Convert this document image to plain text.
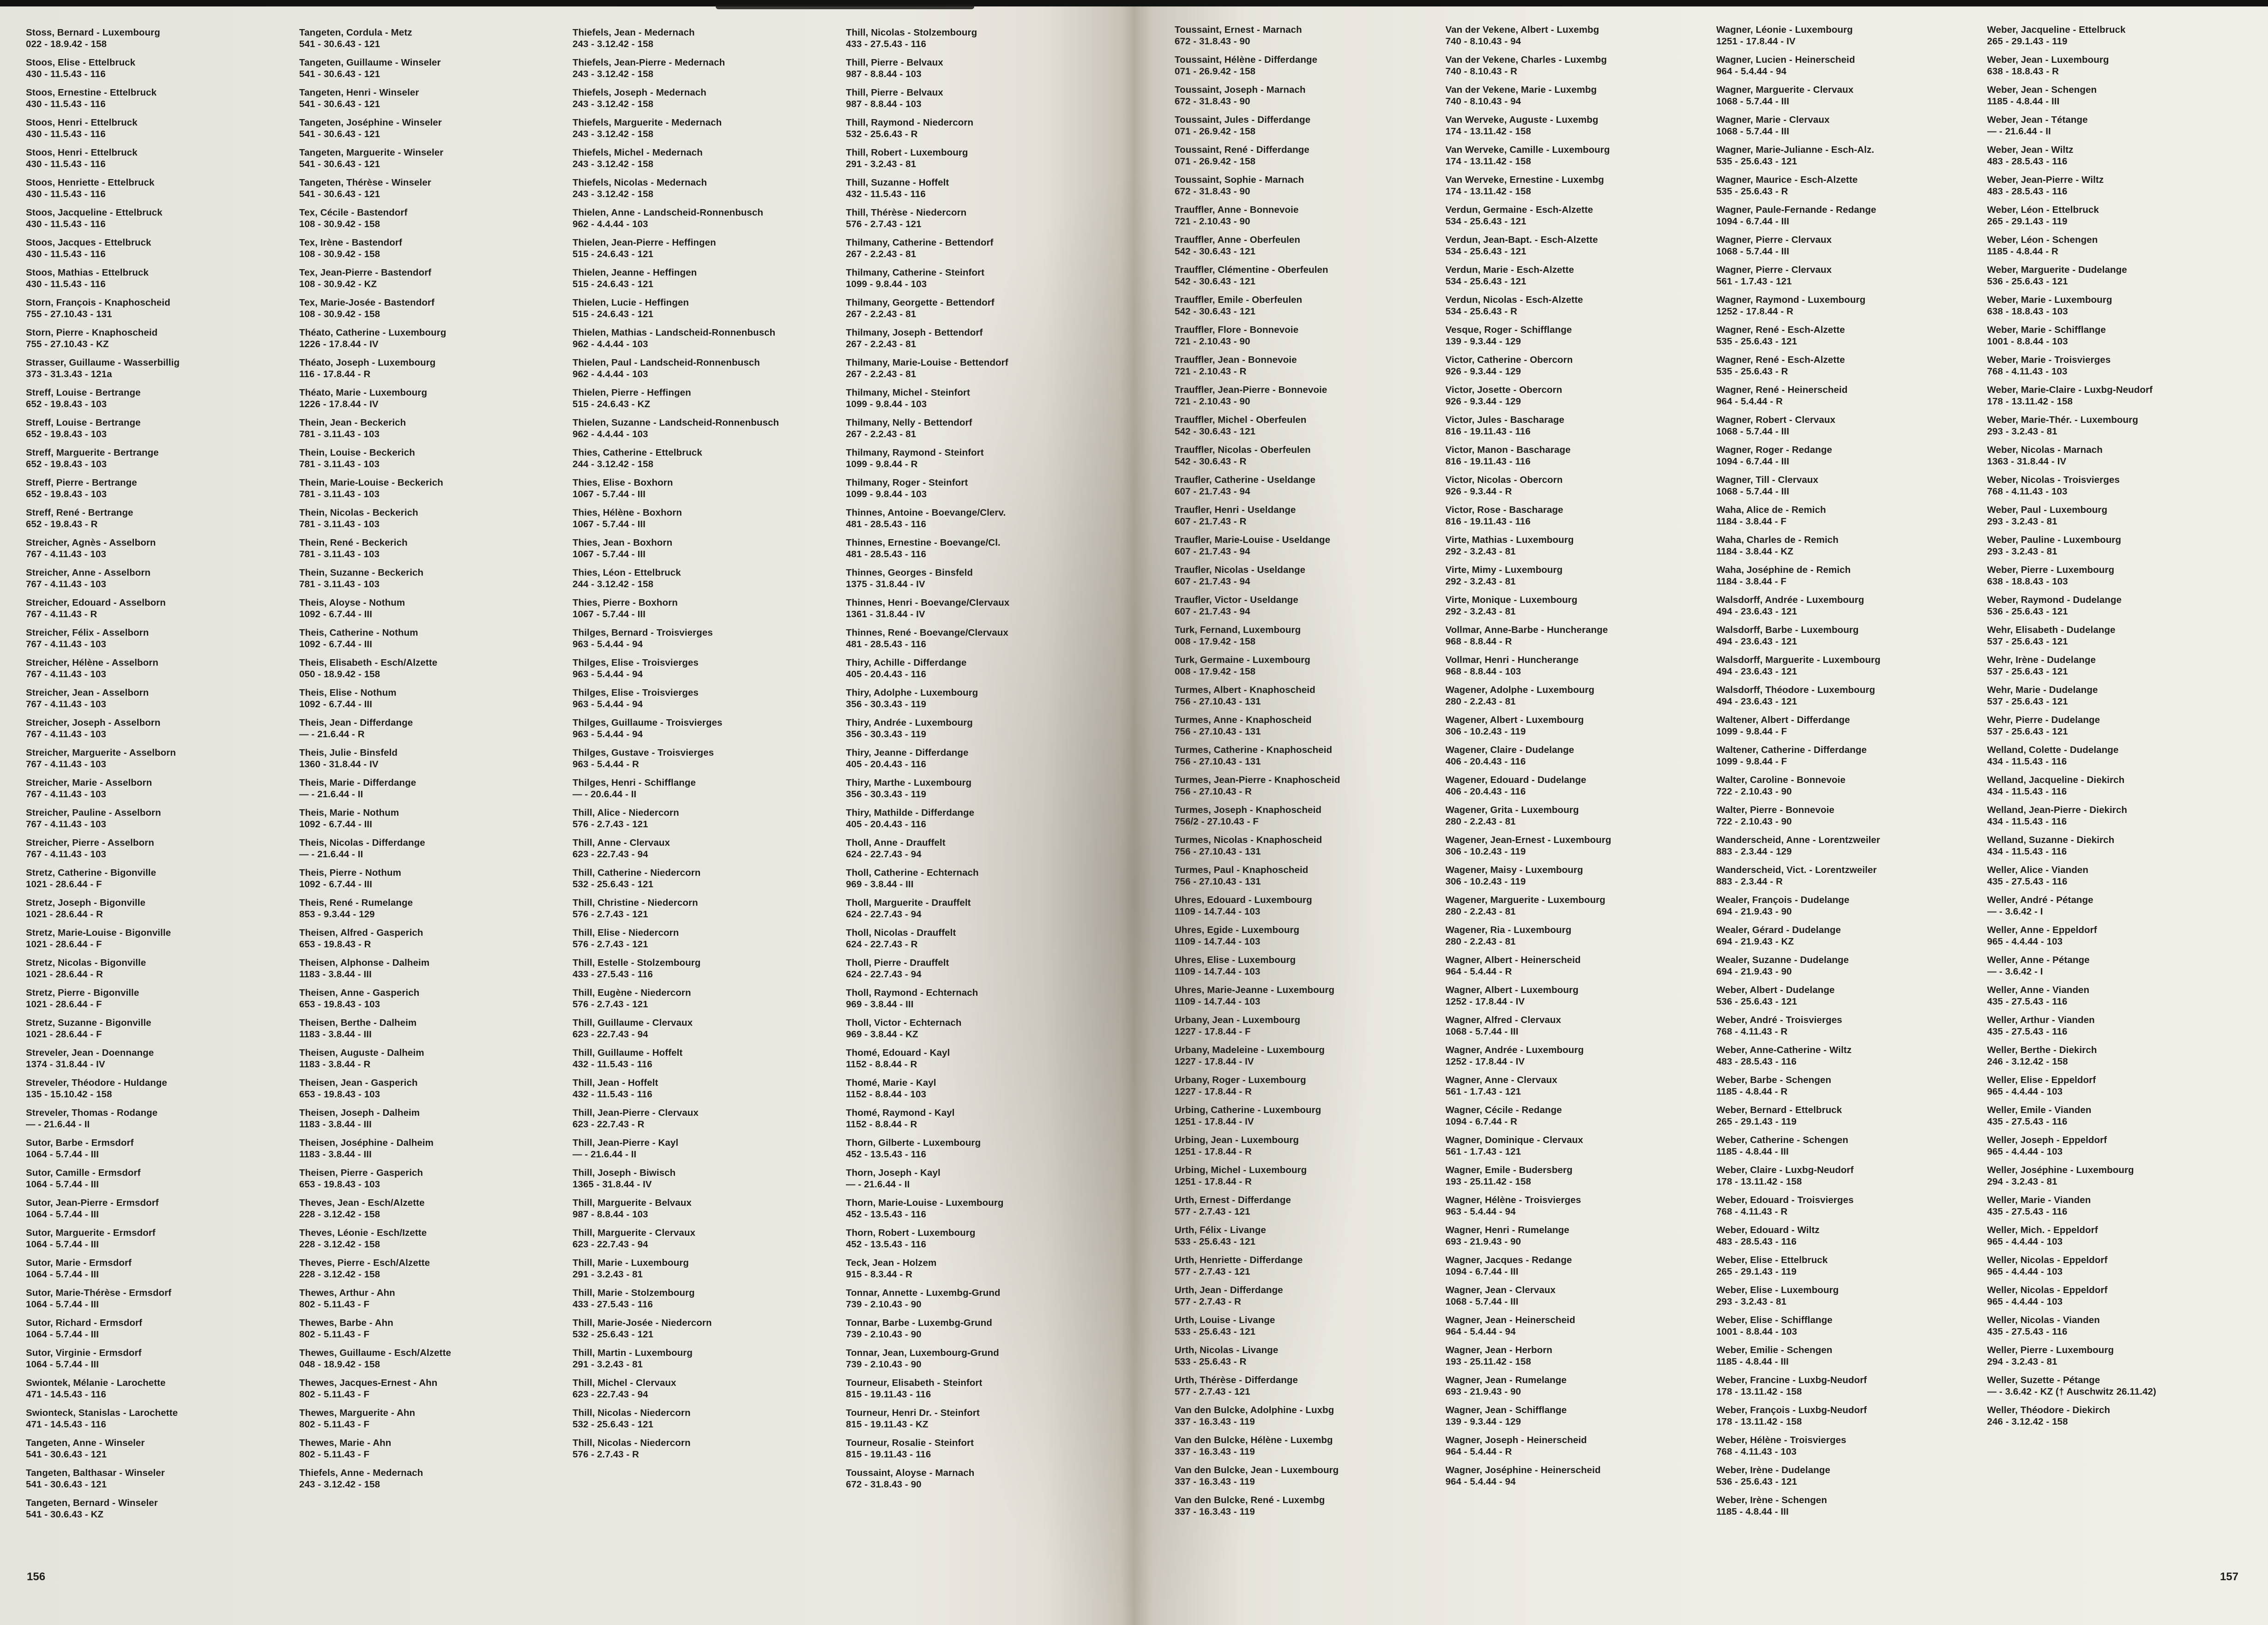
Stoss, Bernard - Luxembourg
022 - 18.9.42 - 158
Stoos, Elise - Ettelbruck
430 - 11.5.43 - 116
Stoos, Ernestine - Ettelbruck
430 - 11.5.43 - 116
Stoos, Henri - Ettelbruck
430 - 11.5.43 - 116
Stoos, Henri - Ettelbruck
430 - 11.5.43 - 116
Stoos, Henriette - Ettelbruck
430 - 11.5.43 - 116
Stoos, Jacqueline - Ettelbruck
430 - 11.5.43 - 116
Stoos, Jacques - Ettelbruck
430 - 11.5.43 - 116
Stoos, Mathias - Ettelbruck
430 - 11.5.43 - 116
Storn, François - Knaphoscheid
755 - 27.10.43 - 131
Storn, Pierre - Knaphoscheid
755 - 27.10.43 - KZ
Strasser, Guillaume - Wasserbillig
373 - 31.3.43 - 121a
Streff, Louise - Bertrange
652 - 19.8.43 - 103
Streff, Louise - Bertrange
652 - 19.8.43 - 103
Streff, Marguerite - Bertrange
652 - 19.8.43 - 103
Streff, Pierre - Bertrange
652 - 19.8.43 - 103
Streff, René - Bertrange
652 - 19.8.43 - R
Streicher, Agnès - Asselborn
767 - 4.11.43 - 103
Streicher, Anne - Asselborn
767 - 4.11.43 - 103
Streicher, Edouard - Asselborn
767 - 4.11.43 - R
Streicher, Félix - Asselborn
767 - 4.11.43 - 103
Streicher, Hélène - Asselborn
767 - 4.11.43 - 103
Streicher, Jean - Asselborn
767 - 4.11.43 - 103
Streicher, Joseph - Asselborn
767 - 4.11.43 - 103
Streicher, Marguerite - Asselborn
767 - 4.11.43 - 103
Streicher, Marie - Asselborn
767 - 4.11.43 - 103
Streicher, Pauline - Asselborn
767 - 4.11.43 - 103
Streicher, Pierre - Asselborn
767 - 4.11.43 - 103
Stretz, Catherine - Bigonville
1021 - 28.6.44 - F
Stretz, Joseph - Bigonville
1021 - 28.6.44 - R
Stretz, Marie-Louise - Bigonville
1021 - 28.6.44 - F
Stretz, Nicolas - Bigonville
1021 - 28.6.44 - R
Stretz, Pierre - Bigonville
1021 - 28.6.44 - F
Stretz, Suzanne - Bigonville
1021 - 28.6.44 - F
Streveler, Jean - Doennange
1374 - 31.8.44 - IV
Streveler, Théodore - Huldange
135 - 15.10.42 - 158
Streveler, Thomas - Rodange
— - 21.6.44 - II
Sutor, Barbe - Ermsdorf
1064 - 5.7.44 - III
Sutor, Camille - Ermsdorf
1064 - 5.7.44 - III
Sutor, Jean-Pierre - Ermsdorf
1064 - 5.7.44 - III
Sutor, Marguerite - Ermsdorf
1064 - 5.7.44 - III
Sutor, Marie - Ermsdorf
1064 - 5.7.44 - III
Sutor, Marie-Thérèse - Ermsdorf
1064 - 5.7.44 - III
Sutor, Richard - Ermsdorf
1064 - 5.7.44 - III
Sutor, Virginie - Ermsdorf
1064 - 5.7.44 - III
Swiontek, Mélanie - Larochette
471 - 14.5.43 - 116
Swionteck, Stanislas - Larochette
471 - 14.5.43 - 116
Tangeten, Anne - Winseler
541 - 30.6.43 - 121
Tangeten, Balthasar - Winseler
541 - 30.6.43 - 121
Tangeten, Bernard - Winseler
541 - 30.6.43 - KZ
Tangeten, Cordula - Metz
541 - 30.6.43 - 121
Tangeten, Guillaume - Winseler
541 - 30.6.43 - 121
Tangeten, Henri - Winseler
541 - 30.6.43 - 121
Tangeten, Joséphine - Winseler
541 - 30.6.43 - 121
Tangeten, Marguerite - Winseler
541 - 30.6.43 - 121
Tangeten, Thérèse - Winseler
541 - 30.6.43 - 121
Tex, Cécile - Bastendorf
108 - 30.9.42 - 158
Tex, Irène - Bastendorf
108 - 30.9.42 - 158
Tex, Jean-Pierre - Bastendorf
108 - 30.9.42 - KZ
Tex, Marie-Josée - Bastendorf
108 - 30.9.42 - 158
Théato, Catherine - Luxembourg
1226 - 17.8.44 - IV
Théato, Joseph - Luxembourg
116 - 17.8.44 - R
Théato, Marie - Luxembourg
1226 - 17.8.44 - IV
Thein, Jean - Beckerich
781 - 3.11.43 - 103
Thein, Louise - Beckerich
781 - 3.11.43 - 103
Thein, Marie-Louise - Beckerich
781 - 3.11.43 - 103
Thein, Nicolas - Beckerich
781 - 3.11.43 - 103
Thein, René - Beckerich
781 - 3.11.43 - 103
Thein, Suzanne - Beckerich
781 - 3.11.43 - 103
Theis, Aloyse - Nothum
1092 - 6.7.44 - III
Theis, Catherine - Nothum
1092 - 6.7.44 - III
Theis, Elisabeth - Esch/Alzette
050 - 18.9.42 - 158
Theis, Elise - Nothum
1092 - 6.7.44 - III
Theis, Jean - Differdange
— - 21.6.44 - R
Theis, Julie - Binsfeld
1360 - 31.8.44 - IV
Theis, Marie - Differdange
— - 21.6.44 - II
Theis, Marie - Nothum
1092 - 6.7.44 - III
Theis, Nicolas - Differdange
— - 21.6.44 - II
Theis, Pierre - Nothum
1092 - 6.7.44 - III
Theis, René - Rumelange
853 - 9.3.44 - 129
Theisen, Alfred - Gasperich
653 - 19.8.43 - R
Theisen, Alphonse - Dalheim
1183 - 3.8.44 - III
Theisen, Anne - Gasperich
653 - 19.8.43 - 103
Theisen, Berthe - Dalheim
1183 - 3.8.44 - III
Theisen, Auguste - Dalheim
1183 - 3.8.44 - R
Theisen, Jean - Gasperich
653 - 19.8.43 - 103
Theisen, Joseph - Dalheim
1183 - 3.8.44 - III
Theisen, Joséphine - Dalheim
1183 - 3.8.44 - III
Theisen, Pierre - Gasperich
653 - 19.8.43 - 103
Theves, Jean - Esch/Alzette
228 - 3.12.42 - 158
Theves, Léonie - Esch/Izette
228 - 3.12.42 - 158
Theves, Pierre - Esch/Alzette
228 - 3.12.42 - 158
Thewes, Arthur - Ahn
802 - 5.11.43 - F
Thewes, Barbe - Ahn
802 - 5.11.43 - F
Thewes, Guillaume - Esch/Alzette
048 - 18.9.42 - 158
Thewes, Jacques-Ernest - Ahn
802 - 5.11.43 - F
Thewes, Marguerite - Ahn
802 - 5.11.43 - F
Thewes, Marie - Ahn
802 - 5.11.43 - F
Thiefels, Anne - Medernach
243 - 3.12.42 - 158
Thiefels, Jean - Medernach
243 - 3.12.42 - 158
Thiefels, Jean-Pierre - Medernach
243 - 3.12.42 - 158
Thiefels, Joseph - Medernach
243 - 3.12.42 - 158
Thiefels, Marguerite - Medernach
243 - 3.12.42 - 158
Thiefels, Michel - Medernach
243 - 3.12.42 - 158
Thiefels, Nicolas - Medernach
243 - 3.12.42 - 158
Thielen, Anne - Landscheid-Ronnenbusch
962 - 4.4.44 - 103
Thielen, Jean-Pierre - Heffingen
515 - 24.6.43 - 121
Thielen, Jeanne - Heffingen
515 - 24.6.43 - 121
Thielen, Lucie - Heffingen
515 - 24.6.43 - 121
Thielen, Mathias - Landscheid-Ronnenbusch
962 - 4.4.44 - 103
Thielen, Paul - Landscheid-Ronnenbusch
962 - 4.4.44 - 103
Thielen, Pierre - Heffingen
515 - 24.6.43 - KZ
Thielen, Suzanne - Landscheid-Ronnenbusch
962 - 4.4.44 - 103
Thies, Catherine - Ettelbruck
244 - 3.12.42 - 158
Thies, Elise - Boxhorn
1067 - 5.7.44 - III
Thies, Hélène - Boxhorn
1067 - 5.7.44 - III
Thies, Jean - Boxhorn
1067 - 5.7.44 - III
Thies, Léon - Ettelbruck
244 - 3.12.42 - 158
Thies, Pierre - Boxhorn
1067 - 5.7.44 - III
Thilges, Bernard - Troisvierges
963 - 5.4.44 - 94
Thilges, Elise - Troisvierges
963 - 5.4.44 - 94
Thilges, Elise - Troisvierges
963 - 5.4.44 - 94
Thilges, Guillaume - Troisvierges
963 - 5.4.44 - 94
Thilges, Gustave - Troisvierges
963 - 5.4.44 - R
Thilges, Henri - Schifflange
— - 20.6.44 - II
Thill, Alice - Niedercorn
576 - 2.7.43 - 121
Thill, Anne - Clervaux
623 - 22.7.43 - 94
Thill, Catherine - Niedercorn
532 - 25.6.43 - 121
Thill, Christine - Niedercorn
576 - 2.7.43 - 121
Thill, Elise - Niedercorn
576 - 2.7.43 - 121
Thill, Estelle - Stolzembourg
433 - 27.5.43 - 116
Thill, Eugène - Niedercorn
576 - 2.7.43 - 121
Thill, Guillaume - Clervaux
623 - 22.7.43 - 94
Thill, Guillaume - Hoffelt
432 - 11.5.43 - 116
Thill, Jean - Hoffelt
432 - 11.5.43 - 116
Thill, Jean-Pierre - Clervaux
623 - 22.7.43 - R
Thill, Jean-Pierre - Kayl
— - 21.6.44 - II
Thill, Joseph - Biwisch
1365 - 31.8.44 - IV
Thill, Marguerite - Belvaux
987 - 8.8.44 - 103
Thill, Marguerite - Clervaux
623 - 22.7.43 - 94
Thill, Marie - Luxembourg
291 - 3.2.43 - 81
Thill, Marie - Stolzembourg
433 - 27.5.43 - 116
Thill, Marie-Josée - Niedercorn
532 - 25.6.43 - 121
Thill, Martin - Luxembourg
291 - 3.2.43 - 81
Thill, Michel - Clervaux
623 - 22.7.43 - 94
Thill, Nicolas - Niedercorn
532 - 25.6.43 - 121
Thill, Nicolas - Niedercorn
576 - 2.7.43 - R
Thill, Nicolas - Stolzembourg
433 - 27.5.43 - 116
Thill, Pierre - Belvaux
987 - 8.8.44 - 103
Thill, Pierre - Belvaux
987 - 8.8.44 - 103
Thill, Raymond - Niedercorn
532 - 25.6.43 - R
Thill, Robert - Luxembourg
291 - 3.2.43 - 81
Thill, Suzanne - Hoffelt
432 - 11.5.43 - 116
Thill, Thérèse - Niedercorn
576 - 2.7.43 - 121
Thilmany, Catherine - Bettendorf
267 - 2.2.43 - 81
Thilmany, Catherine - Steinfort
1099 - 9.8.44 - 103
Thilmany, Georgette - Bettendorf
267 - 2.2.43 - 81
Thilmany, Joseph - Bettendorf
267 - 2.2.43 - 81
Thilmany, Marie-Louise - Bettendorf
267 - 2.2.43 - 81
Thilmany, Michel - Steinfort
1099 - 9.8.44 - 103
Thilmany, Nelly - Bettendorf
267 - 2.2.43 - 81
Thilmany, Raymond - Steinfort
1099 - 9.8.44 - R
Thilmany, Roger - Steinfort
1099 - 9.8.44 - 103
Thinnes, Antoine - Boevange/Clerv.
481 - 28.5.43 - 116
Thinnes, Ernestine - Boevange/Cl.
481 - 28.5.43 - 116
Thinnes, Georges - Binsfeld
1375 - 31.8.44 - IV
Thinnes, Henri - Boevange/Clervaux
1361 - 31.8.44 - IV
Thinnes, René - Boevange/Clervaux
481 - 28.5.43 - 116
Thiry, Achille - Differdange
405 - 20.4.43 - 116
Thiry, Adolphe - Luxembourg
356 - 30.3.43 - 119
Thiry, Andrée - Luxembourg
356 - 30.3.43 - 119
Thiry, Jeanne - Differdange
405 - 20.4.43 - 116
Thiry, Marthe - Luxembourg
356 - 30.3.43 - 119
Thiry, Mathilde - Differdange
405 - 20.4.43 - 116
Tholl, Anne - Drauffelt
624 - 22.7.43 - 94
Tholl, Catherine - Echternach
969 - 3.8.44 - III
Tholl, Marguerite - Drauffelt
624 - 22.7.43 - 94
Tholl, Nicolas - Drauffelt
624 - 22.7.43 - R
Tholl, Pierre - Drauffelt
624 - 22.7.43 - 94
Tholl, Raymond - Echternach
969 - 3.8.44 - III
Tholl, Victor - Echternach
969 - 3.8.44 - KZ
Thomé, Edouard - Kayl
1152 - 8.8.44 - R
Thomé, Marie - Kayl
1152 - 8.8.44 - 103
Thomé, Raymond - Kayl
1152 - 8.8.44 - R
Thorn, Gilberte - Luxembourg
452 - 13.5.43 - 116
Thorn, Joseph - Kayl
— - 21.6.44 - II
Thorn, Marie-Louise - Luxembourg
452 - 13.5.43 - 116
Thorn, Robert - Luxembourg
452 - 13.5.43 - 116
Teck, Jean - Holzem
915 - 8.3.44 - R
Tonnar, Annette - Luxembg-Grund
739 - 2.10.43 - 90
Tonnar, Barbe - Luxembg-Grund
739 - 2.10.43 - 90
Tonnar, Jean, Luxembourg-Grund
739 - 2.10.43 - 90
Tourneur, Elisabeth - Steinfort
815 - 19.11.43 - 116
Tourneur, Henri Dr. - Steinfort
815 - 19.11.43 - KZ
Tourneur, Rosalie - Steinfort
815 - 19.11.43 - 116
Toussaint, Aloyse - Marnach
672 - 31.8.43 - 90
156
Toussaint, Ernest - Marnach
672 - 31.8.43 - 90
Toussaint, Hélène - Differdange
071 - 26.9.42 - 158
Toussaint, Joseph - Marnach
672 - 31.8.43 - 90
Toussaint, Jules - Differdange
071 - 26.9.42 - 158
Toussaint, René - Differdange
071 - 26.9.42 - 158
Toussaint, Sophie - Marnach
672 - 31.8.43 - 90
Trauffler, Anne - Bonnevoie
721 - 2.10.43 - 90
Trauffler, Anne - Oberfeulen
542 - 30.6.43 - 121
Trauffler, Clémentine - Oberfeulen
542 - 30.6.43 - 121
Trauffler, Emile - Oberfeulen
542 - 30.6.43 - 121
Trauffler, Flore - Bonnevoie
721 - 2.10.43 - 90
Trauffler, Jean - Bonnevoie
721 - 2.10.43 - R
Trauffler, Jean-Pierre - Bonnevoie
721 - 2.10.43 - 90
Trauffler, Michel - Oberfeulen
542 - 30.6.43 - 121
Trauffler, Nicolas - Oberfeulen
542 - 30.6.43 - R
Traufler, Catherine - Useldange
607 - 21.7.43 - 94
Traufler, Henri - Useldange
607 - 21.7.43 - R
Traufler, Marie-Louise - Useldange
607 - 21.7.43 - 94
Traufler, Nicolas - Useldange
607 - 21.7.43 - 94
Traufler, Victor - Useldange
607 - 21.7.43 - 94
Turk, Fernand, Luxembourg
008 - 17.9.42 - 158
Turk, Germaine - Luxembourg
008 - 17.9.42 - 158
Turmes, Albert - Knaphoscheid
756 - 27.10.43 - 131
Turmes, Anne - Knaphoscheid
756 - 27.10.43 - 131
Turmes, Catherine - Knaphoscheid
756 - 27.10.43 - 131
Turmes, Jean-Pierre - Knaphoscheid
756 - 27.10.43 - R
Turmes, Joseph - Knaphoscheid
756/2 - 27.10.43 - F
Turmes, Nicolas - Knaphoscheid
756 - 27.10.43 - 131
Turmes, Paul - Knaphoscheid
756 - 27.10.43 - 131
Uhres, Edouard - Luxembourg
1109 - 14.7.44 - 103
Uhres, Egide - Luxembourg
1109 - 14.7.44 - 103
Uhres, Elise - Luxembourg
1109 - 14.7.44 - 103
Uhres, Marie-Jeanne - Luxembourg
1109 - 14.7.44 - 103
Urbany, Jean - Luxembourg
1227 - 17.8.44 - F
Urbany, Madeleine - Luxembourg
1227 - 17.8.44 - IV
Urbany, Roger - Luxembourg
1227 - 17.8.44 - R
Urbing, Catherine - Luxembourg
1251 - 17.8.44 - IV
Urbing, Jean - Luxembourg
1251 - 17.8.44 - R
Urbing, Michel - Luxembourg
1251 - 17.8.44 - R
Urth, Ernest - Differdange
577 - 2.7.43 - 121
Urth, Félix - Livange
533 - 25.6.43 - 121
Urth, Henriette - Differdange
577 - 2.7.43 - 121
Urth, Jean - Differdange
577 - 2.7.43 - R
Urth, Louise - Livange
533 - 25.6.43 - 121
Urth, Nicolas - Livange
533 - 25.6.43 - R
Urth, Thérèse - Differdange
577 - 2.7.43 - 121
Van den Bulcke, Adolphine - Luxbg
337 - 16.3.43 - 119
Van den Bulcke, Hélène - Luxembg
337 - 16.3.43 - 119
Van den Bulcke, Jean - Luxembourg
337 - 16.3.43 - 119
Van den Bulcke, René - Luxembg
337 - 16.3.43 - 119
Van der Vekene, Albert - Luxembg
740 - 8.10.43 - 94
Van der Vekene, Charles - Luxembg
740 - 8.10.43 - R
Van der Vekene, Marie - Luxembg
740 - 8.10.43 - 94
Van Werveke, Auguste - Luxembg
174 - 13.11.42 - 158
Van Werveke, Camille - Luxembourg
174 - 13.11.42 - 158
Van Werveke, Ernestine - Luxembg
174 - 13.11.42 - 158
Verdun, Germaine - Esch-Alzette
534 - 25.6.43 - 121
Verdun, Jean-Bapt. - Esch-Alzette
534 - 25.6.43 - 121
Verdun, Marie - Esch-Alzette
534 - 25.6.43 - 121
Verdun, Nicolas - Esch-Alzette
534 - 25.6.43 - R
Vesque, Roger - Schifflange
139 - 9.3.44 - 129
Victor, Catherine - Obercorn
926 - 9.3.44 - 129
Victor, Josette - Obercorn
926 - 9.3.44 - 129
Victor, Jules - Bascharage
816 - 19.11.43 - 116
Victor, Manon - Bascharage
816 - 19.11.43 - 116
Victor, Nicolas - Obercorn
926 - 9.3.44 - R
Victor, Rose - Bascharage
816 - 19.11.43 - 116
Virte, Mathias - Luxembourg
292 - 3.2.43 - 81
Virte, Mimy - Luxembourg
292 - 3.2.43 - 81
Virte, Monique - Luxembourg
292 - 3.2.43 - 81
Vollmar, Anne-Barbe - Huncherange
968 - 8.8.44 - R
Vollmar, Henri - Huncherange
968 - 8.8.44 - 103
Wagener, Adolphe - Luxembourg
280 - 2.2.43 - 81
Wagener, Albert - Luxembourg
306 - 10.2.43 - 119
Wagener, Claire - Dudelange
406 - 20.4.43 - 116
Wagener, Edouard - Dudelange
406 - 20.4.43 - 116
Wagener, Grita - Luxembourg
280 - 2.2.43 - 81
Wagener, Jean-Ernest - Luxembourg
306 - 10.2.43 - 119
Wagener, Maisy - Luxembourg
306 - 10.2.43 - 119
Wagener, Marguerite - Luxembourg
280 - 2.2.43 - 81
Wagener, Ria - Luxembourg
280 - 2.2.43 - 81
Wagner, Albert - Heinerscheid
964 - 5.4.44 - R
Wagner, Albert - Luxembourg
1252 - 17.8.44 - IV
Wagner, Alfred - Clervaux
1068 - 5.7.44 - III
Wagner, Andrée - Luxembourg
1252 - 17.8.44 - IV
Wagner, Anne - Clervaux
561 - 1.7.43 - 121
Wagner, Cécile - Redange
1094 - 6.7.44 - R
Wagner, Dominique - Clervaux
561 - 1.7.43 - 121
Wagner, Emile - Budersberg
193 - 25.11.42 - 158
Wagner, Hélène - Troisvierges
963 - 5.4.44 - 94
Wagner, Henri - Rumelange
693 - 21.9.43 - 90
Wagner, Jacques - Redange
1094 - 6.7.44 - III
Wagner, Jean - Clervaux
1068 - 5.7.44 - III
Wagner, Jean - Heinerscheid
964 - 5.4.44 - 94
Wagner, Jean - Herborn
193 - 25.11.42 - 158
Wagner, Jean - Rumelange
693 - 21.9.43 - 90
Wagner, Jean - Schifflange
139 - 9.3.44 - 129
Wagner, Joseph - Heinerscheid
964 - 5.4.44 - R
Wagner, Joséphine - Heinerscheid
964 - 5.4.44 - 94
Wagner, Léonie - Luxembourg
1251 - 17.8.44 - IV
Wagner, Lucien - Heinerscheid
964 - 5.4.44 - 94
Wagner, Marguerite - Clervaux
1068 - 5.7.44 - III
Wagner, Marie - Clervaux
1068 - 5.7.44 - III
Wagner, Marie-Julianne - Esch-Alz.
535 - 25.6.43 - 121
Wagner, Maurice - Esch-Alzette
535 - 25.6.43 - R
Wagner, Paule-Fernande - Redange
1094 - 6.7.44 - III
Wagner, Pierre - Clervaux
1068 - 5.7.44 - III
Wagner, Pierre - Clervaux
561 - 1.7.43 - 121
Wagner, Raymond - Luxembourg
1252 - 17.8.44 - R
Wagner, René - Esch-Alzette
535 - 25.6.43 - 121
Wagner, René - Esch-Alzette
535 - 25.6.43 - R
Wagner, René - Heinerscheid
964 - 5.4.44 - R
Wagner, Robert - Clervaux
1068 - 5.7.44 - III
Wagner, Roger - Redange
1094 - 6.7.44 - III
Wagner, Till - Clervaux
1068 - 5.7.44 - III
Waha, Alice de - Remich
1184 - 3.8.44 - F
Waha, Charles de - Remich
1184 - 3.8.44 - KZ
Waha, Joséphine de - Remich
1184 - 3.8.44 - F
Walsdorff, Andrée - Luxembourg
494 - 23.6.43 - 121
Walsdorff, Barbe - Luxembourg
494 - 23.6.43 - 121
Walsdorff, Marguerite - Luxembourg
494 - 23.6.43 - 121
Walsdorff, Théodore - Luxembourg
494 - 23.6.43 - 121
Waltener, Albert - Differdange
1099 - 9.8.44 - F
Waltener, Catherine - Differdange
1099 - 9.8.44 - F
Walter, Caroline - Bonnevoie
722 - 2.10.43 - 90
Walter, Pierre - Bonnevoie
722 - 2.10.43 - 90
Wanderscheid, Anne - Lorentzweiler
883 - 2.3.44 - 129
Wanderscheid, Vict. - Lorentzweiler
883 - 2.3.44 - R
Wealer, François - Dudelange
694 - 21.9.43 - 90
Wealer, Gérard - Dudelange
694 - 21.9.43 - KZ
Wealer, Suzanne - Dudelange
694 - 21.9.43 - 90
Weber, Albert - Dudelange
536 - 25.6.43 - 121
Weber, André - Troisvierges
768 - 4.11.43 - R
Weber, Anne-Catherine - Wiltz
483 - 28.5.43 - 116
Weber, Barbe - Schengen
1185 - 4.8.44 - R
Weber, Bernard - Ettelbruck
265 - 29.1.43 - 119
Weber, Catherine - Schengen
1185 - 4.8.44 - III
Weber, Claire - Luxbg-Neudorf
178 - 13.11.42 - 158
Weber, Edouard - Troisvierges
768 - 4.11.43 - R
Weber, Edouard - Wiltz
483 - 28.5.43 - 116
Weber, Elise - Ettelbruck
265 - 29.1.43 - 119
Weber, Elise - Luxembourg
293 - 3.2.43 - 81
Weber, Elise - Schifflange
1001 - 8.8.44 - 103
Weber, Emilie - Schengen
1185 - 4.8.44 - III
Weber, Francine - Luxbg-Neudorf
178 - 13.11.42 - 158
Weber, François - Luxbg-Neudorf
178 - 13.11.42 - 158
Weber, Hélène - Troisvierges
768 - 4.11.43 - 103
Weber, Irène - Dudelange
536 - 25.6.43 - 121
Weber, Irène - Schengen
1185 - 4.8.44 - III
Weber, Jacqueline - Ettelbruck
265 - 29.1.43 - 119
Weber, Jean - Luxembourg
638 - 18.8.43 - R
Weber, Jean - Schengen
1185 - 4.8.44 - III
Weber, Jean - Tétange
— - 21.6.44 - II
Weber, Jean - Wiltz
483 - 28.5.43 - 116
Weber, Jean-Pierre - Wiltz
483 - 28.5.43 - 116
Weber, Léon - Ettelbruck
265 - 29.1.43 - 119
Weber, Léon - Schengen
1185 - 4.8.44 - R
Weber, Marguerite - Dudelange
536 - 25.6.43 - 121
Weber, Marie - Luxembourg
638 - 18.8.43 - 103
Weber, Marie - Schifflange
1001 - 8.8.44 - 103
Weber, Marie - Troisvierges
768 - 4.11.43 - 103
Weber, Marie-Claire - Luxbg-Neudorf
178 - 13.11.42 - 158
Weber, Marie-Thér. - Luxembourg
293 - 3.2.43 - 81
Weber, Nicolas - Marnach
1363 - 31.8.44 - IV
Weber, Nicolas - Troisvierges
768 - 4.11.43 - 103
Weber, Paul - Luxembourg
293 - 3.2.43 - 81
Weber, Pauline - Luxembourg
293 - 3.2.43 - 81
Weber, Pierre - Luxembourg
638 - 18.8.43 - 103
Weber, Raymond - Dudelange
536 - 25.6.43 - 121
Wehr, Elisabeth - Dudelange
537 - 25.6.43 - 121
Wehr, Irène - Dudelange
537 - 25.6.43 - 121
Wehr, Marie - Dudelange
537 - 25.6.43 - 121
Wehr, Pierre - Dudelange
537 - 25.6.43 - 121
Welland, Colette - Dudelange
434 - 11.5.43 - 116
Welland, Jacqueline - Diekirch
434 - 11.5.43 - 116
Welland, Jean-Pierre - Diekirch
434 - 11.5.43 - 116
Welland, Suzanne - Diekirch
434 - 11.5.43 - 116
Weller, Alice - Vianden
435 - 27.5.43 - 116
Weller, André - Pétange
— - 3.6.42 - I
Weller, Anne - Eppeldorf
965 - 4.4.44 - 103
Weller, Anne - Pétange
— - 3.6.42 - I
Weller, Anne - Vianden
435 - 27.5.43 - 116
Weller, Arthur - Vianden
435 - 27.5.43 - 116
Weller, Berthe - Diekirch
246 - 3.12.42 - 158
Weller, Elise - Eppeldorf
965 - 4.4.44 - 103
Weller, Emile - Vianden
435 - 27.5.43 - 116
Weller, Joseph - Eppeldorf
965 - 4.4.44 - 103
Weller, Joséphine - Luxembourg
294 - 3.2.43 - 81
Weller, Marie - Vianden
435 - 27.5.43 - 116
Weller, Mich. - Eppeldorf
965 - 4.4.44 - 103
Weller, Nicolas - Eppeldorf
965 - 4.4.44 - 103
Weller, Nicolas - Eppeldorf
965 - 4.4.44 - 103
Weller, Nicolas - Vianden
435 - 27.5.43 - 116
Weller, Pierre - Luxembourg
294 - 3.2.43 - 81
Weller, Suzette - Pétange
— - 3.6.42 - KZ († Auschwitz 26.11.42)
Weller, Théodore - Diekirch
246 - 3.12.42 - 158
157
